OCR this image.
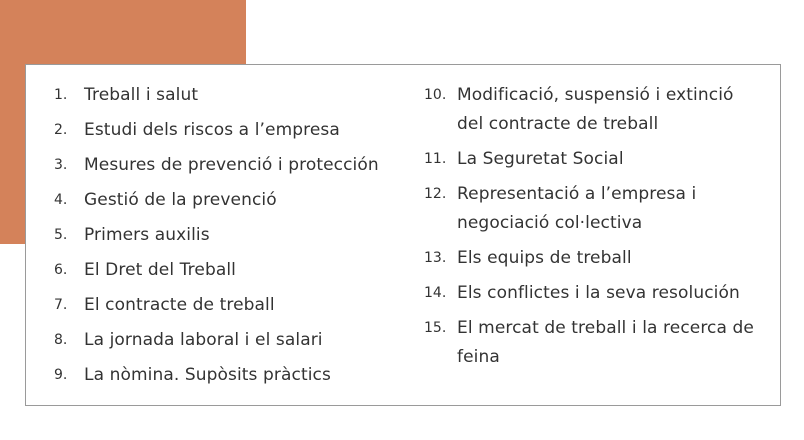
1. Treball i salut
2. Estudi dels riscos a l’empresa
3. Mesures de prevenció i protección
4. Gestió de la prevenció
5. Primers auxilis
6. El Dret del Treball
7. El contracte de treball
8. La jornada laboral i el salari
9. La nòmina. Supòsits pràctics
10. Modificació, suspensió i extinció del contracte de treball
11. La Seguretat Social
12. Representació a l’empresa i negociació col·lectiva
13. Els equips de treball
14. Els conflictes i la seva resolución
15. El mercat de treball i la recerca de feina
